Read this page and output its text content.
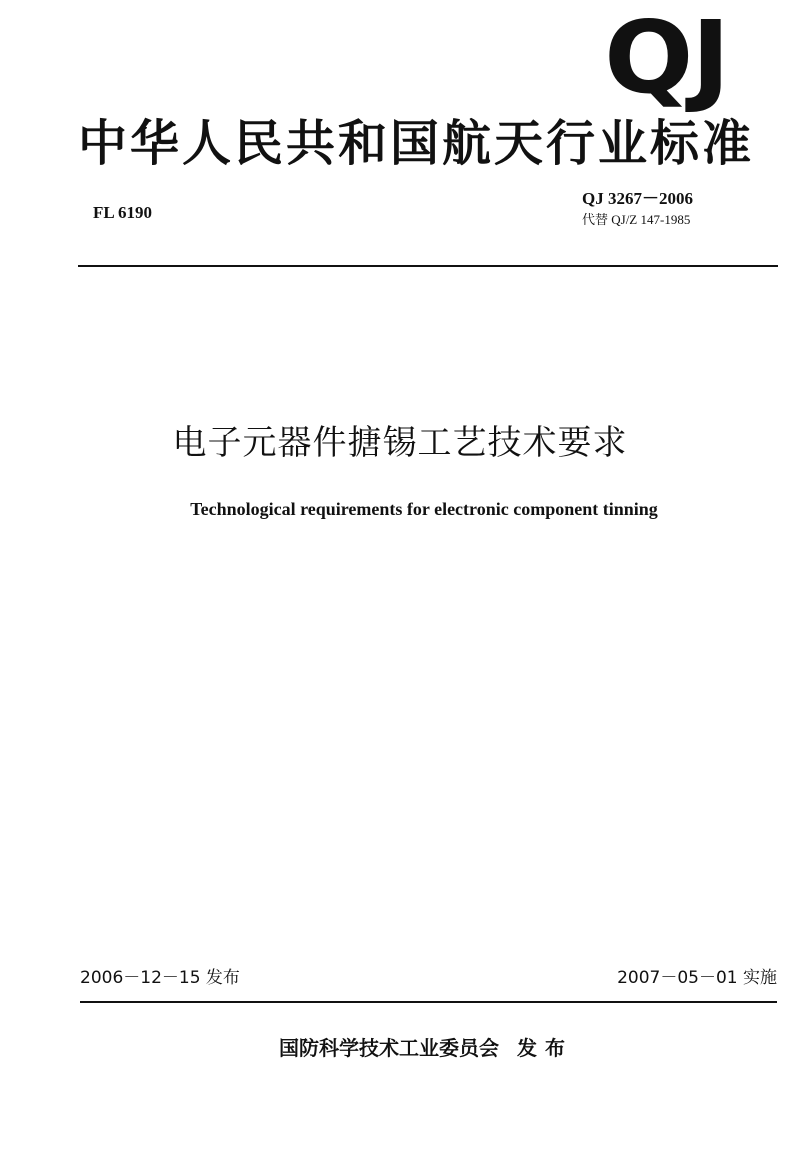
QJ
中华人民共和国航天行业标准
FL 6190
QJ 3267－2006
代替 QJ/Z 147-1985
电子元器件搪锡工艺技术要求
Technological requirements for electronic component tinning
2006－12－15 发布	2007－05－01 实施
国防科学技术工业委员会 发布
